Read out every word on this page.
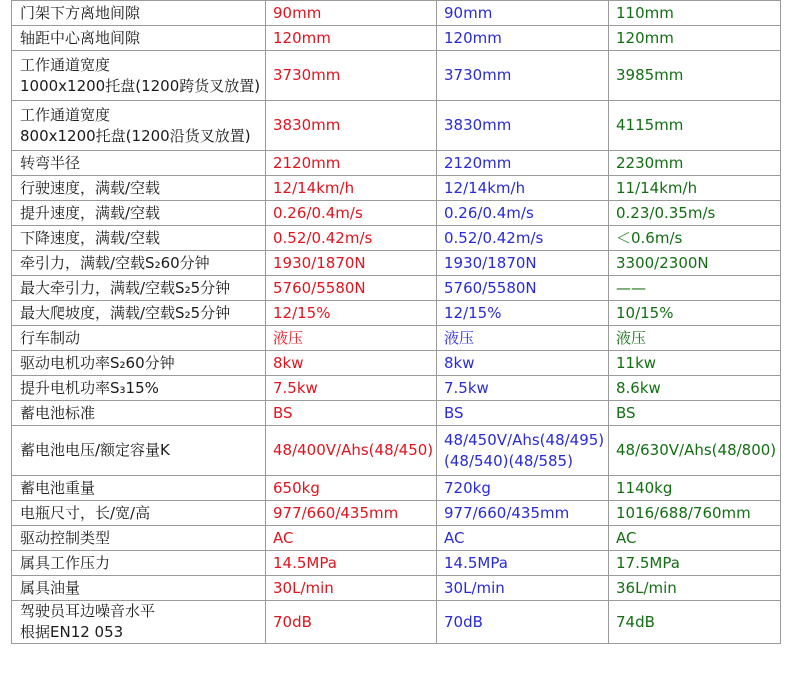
门架下方离地间隙	90mm	90mm	110mm

轴距中心离地间隙	120mm	120mm	120mm

工作通道宽度
1000x1200托盘(1200跨货叉放置)	3730mm	3730mm	3985mm

工作通道宽度
800x1200托盘(1200沿货叉放置)	3830mm	3830mm	4115mm

转弯半径	2120mm	2120mm	2230mm

行驶速度，满载/空载	12/14km/h	12/14km/h	11/14km/h

提升速度，满载/空载	0.26/0.4m/s	0.26/0.4m/s	0.23/0.35m/s

下降速度，满载/空载	0.52/0.42m/s	0.52/0.42m/s	＜0.6m/s

牵引力，满载/空载S₂60分钟	1930/1870N	1930/1870N	3300/2300N

最大牵引力，满载/空载S₂5分钟	5760/5580N	5760/5580N	——

最大爬坡度，满载/空载S₂5分钟	12/15%	12/15%	10/15%

行车制动	液压	液压	液压

驱动电机功率S₂60分钟	8kw	8kw	11kw

提升电机功率S₃15%	7.5kw	7.5kw	8.6kw

蓄电池标准	BS	BS	BS

蓄电池电压/额定容量K	48/400V/Ahs(48/450)	48/450V/Ahs(48/495)
(48/540)(48/585)	48/630V/Ahs(48/800)

蓄电池重量	650kg	720kg	1140kg

电瓶尺寸，长/宽/高	977/660/435mm	977/660/435mm	1016/688/760mm

驱动控制类型	AC	AC	AC

属具工作压力	14.5MPa	14.5MPa	17.5MPa

属具油量	30L/min	30L/min	36L/min

驾驶员耳边噪音水平
根据EN12 053	70dB	70dB	74dB
